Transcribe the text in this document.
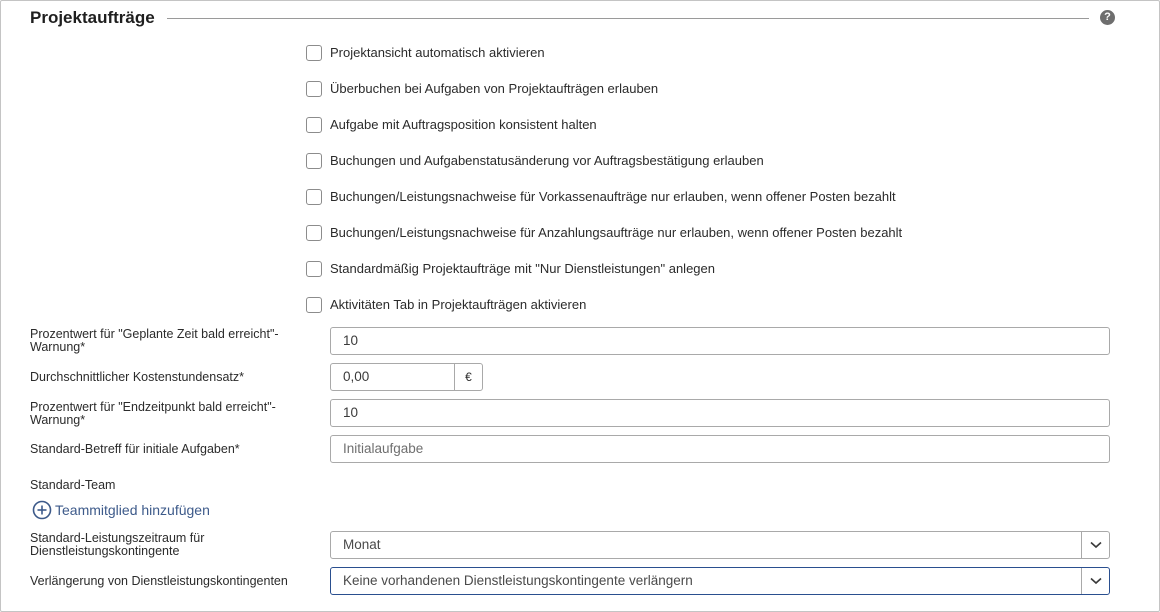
Projektaufträge	?
Projektansicht automatisch aktivieren
Überbuchen bei Aufgaben von Projektaufträgen erlauben
Aufgabe mit Auftragsposition konsistent halten
Buchungen und Aufgabenstatusänderung vor Auftragsbestätigung erlauben
Buchungen/Leistungsnachweise für Vorkassenaufträge nur erlauben, wenn offener Posten bezahlt
Buchungen/Leistungsnachweise für Anzahlungsaufträge nur erlauben, wenn offener Posten bezahlt
Standardmäßig Projektaufträge mit "Nur Dienstleistungen" anlegen
Aktivitäten Tab in Projektaufträgen aktivieren
Prozentwert für "Geplante Zeit bald erreicht"-
Warnung*	10
Durchschnittlicher Kostenstundensatz*	0,00	€
Prozentwert für "Endzeitpunkt bald erreicht"-
Warnung*	10
Standard-Betreff für initiale Aufgaben*	Initialaufgabe
Standard-Team
Teammitglied hinzufügen
Standard-Leistungszeitraum für
Dienstleistungskontingente	Monat
Verlängerung von Dienstleistungskontingenten	Keine vorhandenen Dienstleistungskontingente verlängern
